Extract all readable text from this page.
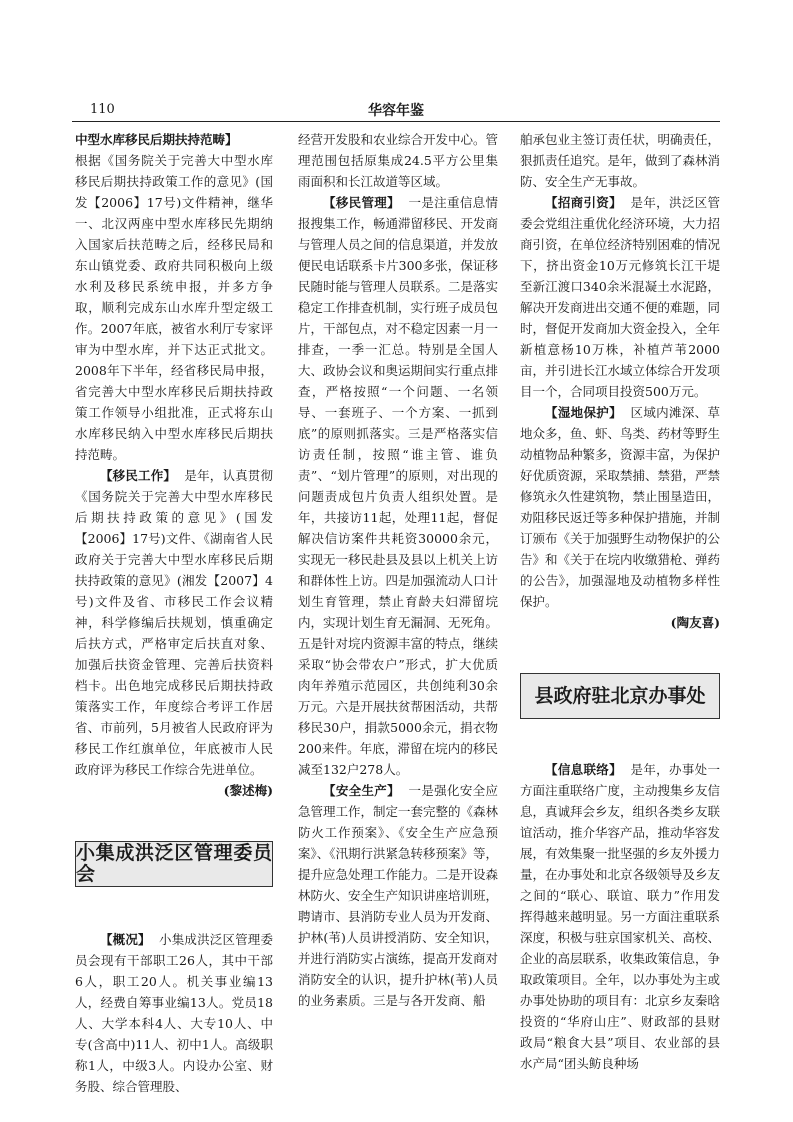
110	华容年鉴

中型水库移民后期扶持范畴】

根据《国务院关于完善大中型水库移民后期扶持政策工作的意见》(国发【2006】17号)文件精神，继华一、北汉两座中型水库移民先期纳入国家后扶范畴之后，经移民局和东山镇党委、政府共同积极向上级水利及移民系统申报，并多方争取，顺利完成东山水库升型定级工作。2007年底，被省水利厅专家评审为中型水库，并下达正式批文。2008年下半年，经省移民局申报，省完善大中型水库移民后期扶持政策工作领导小组批准，正式将东山水库移民纳入中型水库移民后期扶持范畴。

【移民工作】 是年，认真贯彻《国务院关于完善大中型水库移民后期扶持政策的意见》(国发【2006】17号)文件、《湖南省人民政府关于完善大中型水库移民后期扶持政策的意见》(湘发【2007】4号)文件及省、市移民工作会议精神，科学修编后扶规划，慎重确定后扶方式，严格审定后扶直对象、加强后扶资金管理、完善后扶资料档卡。出色地完成移民后期扶持政策落实工作，年度综合考评工作居省、市前列，5月被省人民政府评为移民工作红旗单位，年底被市人民政府评为移民工作综合先进单位。

(黎述梅)

小集成洪泛区管理委员会

【概况】 小集成洪泛区管理委员会现有干部职工26人，其中干部6人，职工20人。机关事业编13人，经费自筹事业编13人。党员18人、大学本科4人、大专10人、中专(含高中)11人、初中1人。高级职称1人，中级3人。内设办公室、财务股、综合管理股、

经营开发股和农业综合开发中心。管理范围包括原集成24.5平方公里集雨面积和长江故道等区域。

【移民管理】 一是注重信息情报搜集工作，畅通滞留移民、开发商与管理人员之间的信息渠道，并发放便民电话联系卡片300多张，保证移民随时能与管理人员联系。二是落实稳定工作排查机制，实行班子成员包片，干部包点，对不稳定因素一月一排查，一季一汇总。特别是全国人大、政协会议和奥运期间实行重点排查，严格按照“一个问题、一名领导、一套班子、一个方案、一抓到底”的原则抓落实。三是严格落实信访责任制，按照“谁主管、谁负责”、“划片管理”的原则，对出现的问题责成包片负责人组织处置。是年，共接访11起，处理11起，督促解决信访案件共耗资30000余元，实现无一移民赴县及县以上机关上访和群体性上访。四是加强流动人口计划生育管理，禁止育龄夫妇滞留垸内，实现计划生育无漏洞、无死角。五是针对垸内资源丰富的特点，继续采取“协会带农户”形式，扩大优质肉年养殖示范园区，共创纯利30余万元。六是开展扶贫帮困活动，共帮移民30户，捐款5000余元，捐衣物200来件。年底，滞留在垸内的移民减至132户278人。

【安全生产】 一是强化安全应急管理工作，制定一套完整的《森林防火工作预案》、《安全生产应急预案》、《汛期行洪紧急转移预案》等，提升应急处理工作能力。二是开设森林防火、安全生产知识讲座培训班，聘请市、县消防专业人员为开发商、护林(苇)人员讲授消防、安全知识，并进行消防实占演练，提高开发商对消防安全的认识，提升护林(苇)人员的业务素质。三是与各开发商、船

舶承包业主签订责任状，明确责任，狠抓责任追究。是年，做到了森林消防、安全生产无事故。

【招商引资】 是年，洪泛区管委会党组注重优化经济环境，大力招商引资，在单位经济特别困难的情况下，挤出资金10万元修筑长江干堤至新江渡口340余米混凝土水泥路，解决开发商进出交通不便的难题，同时，督促开发商加大资金投入，全年新植意杨10万株，补植芦苇2000亩，并引进长江水域立体综合开发项目一个，合同项目投资500万元。

【湿地保护】 区域内滩深、草地众多，鱼、虾、鸟类、药材等野生动植物品种繁多，资源丰富，为保护好优质资源，采取禁捕、禁猎，严禁修筑永久性建筑物，禁止围垦造田，劝阻移民返迁等多种保护措施，并制订颁布《关于加强野生动物保护的公告》和《关于在垸内收缴猎枪、弹药的公告》，加强湿地及动植物多样性保护。

(陶友喜)

县政府驻北京办事处

【信息联络】 是年，办事处一方面注重联络广度，主动搜集乡友信息，真诚拜会乡友，组织各类乡友联谊活动，推介华容产品，推动华容发展，有效集聚一批坚强的乡友外援力量，在办事处和北京各级领导及乡友之间的“联心、联谊、联力”作用发挥得越来越明显。另一方面注重联系深度，积极与驻京国家机关、高校、企业的高层联系，收集政策信息，争取政策项目。全年，以办事处为主或办事处协助的项目有：北京乡友秦晗投资的“华府山庄”、财政部的县财政局“粮食大县”项目、农业部的县水产局“团头鲂良种场
